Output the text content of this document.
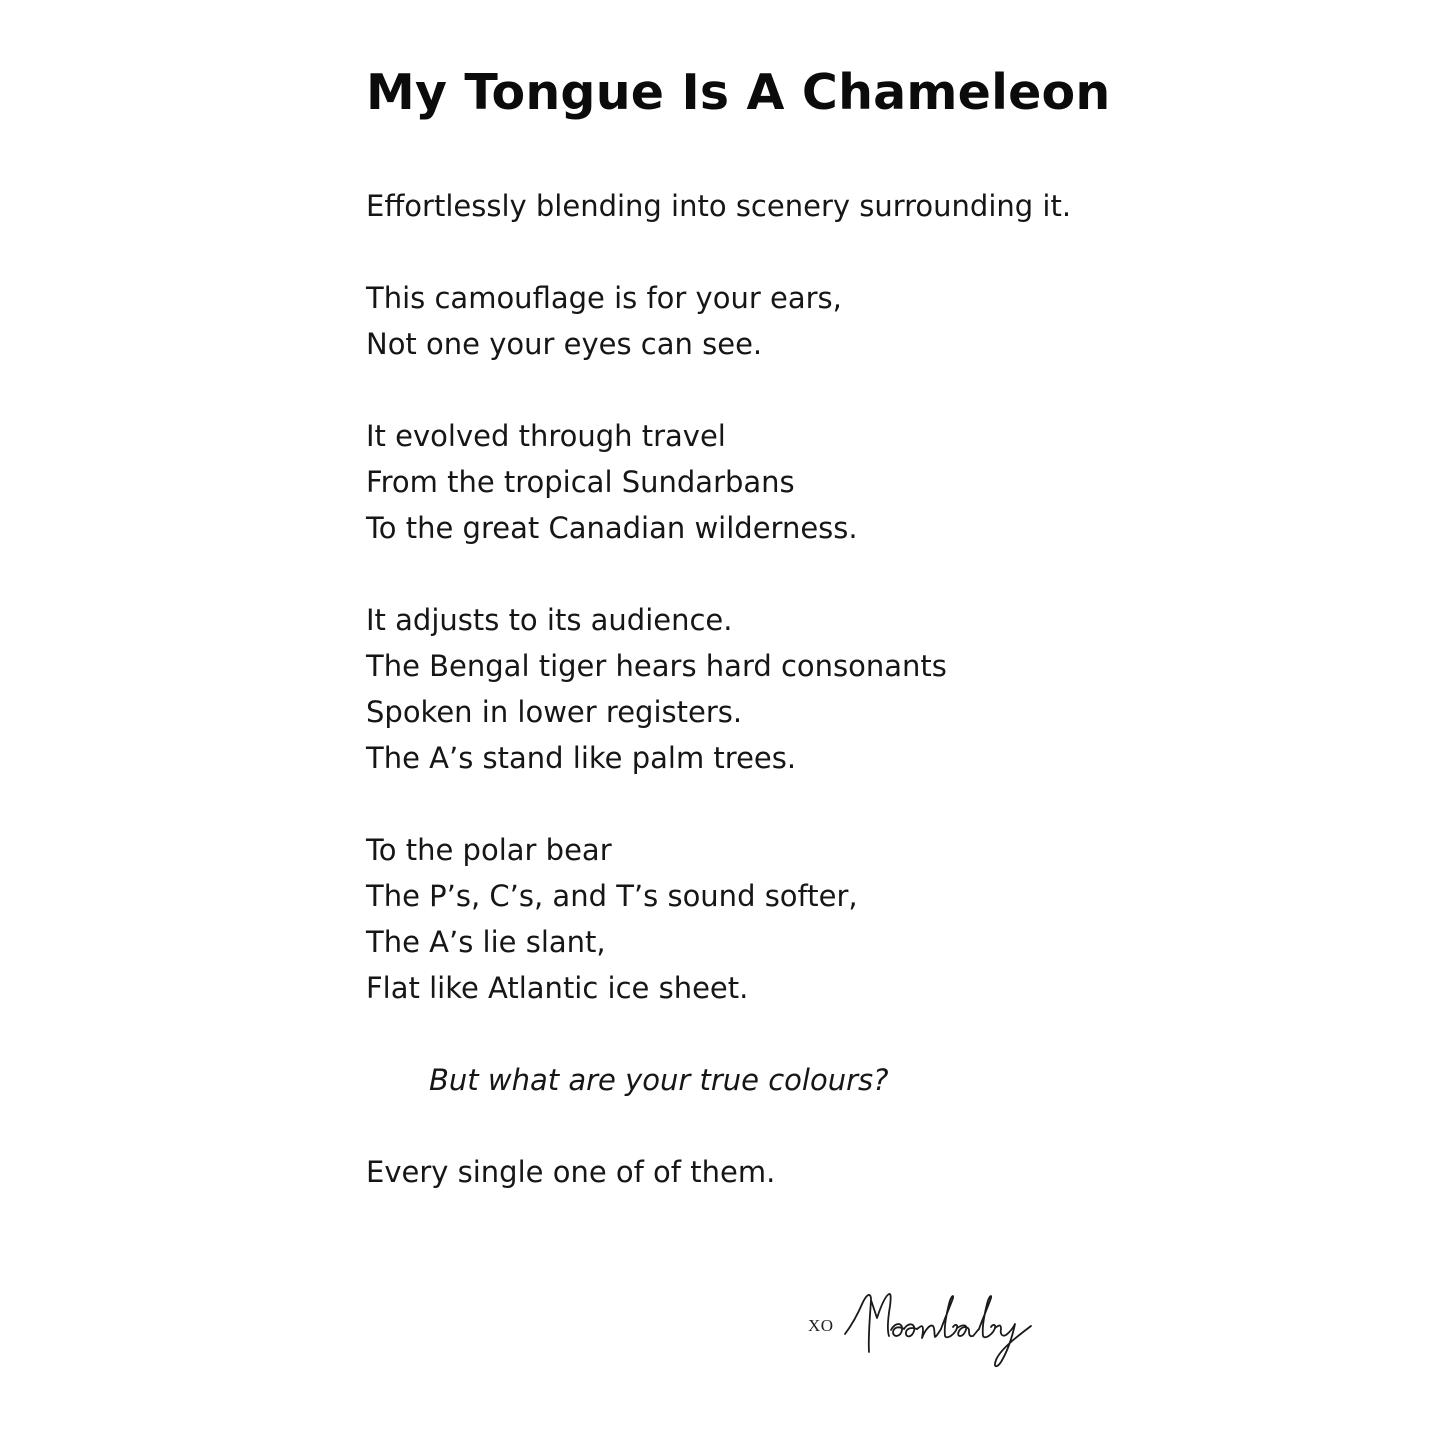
My Tongue Is A Chameleon
Effortlessly blending into scenery surrounding it.
This camouflage is for your ears,
Not one your eyes can see.
It evolved through travel
From the tropical Sundarbans
To the great Canadian wilderness.
It adjusts to its audience.
The Bengal tiger hears hard consonants
Spoken in lower registers.
The A’s stand like palm trees.
To the polar bear
The P’s, C’s, and T’s sound softer,
The A’s lie slant,
Flat like Atlantic ice sheet.
But what are your true colours?
Every single one of of them.
XO
